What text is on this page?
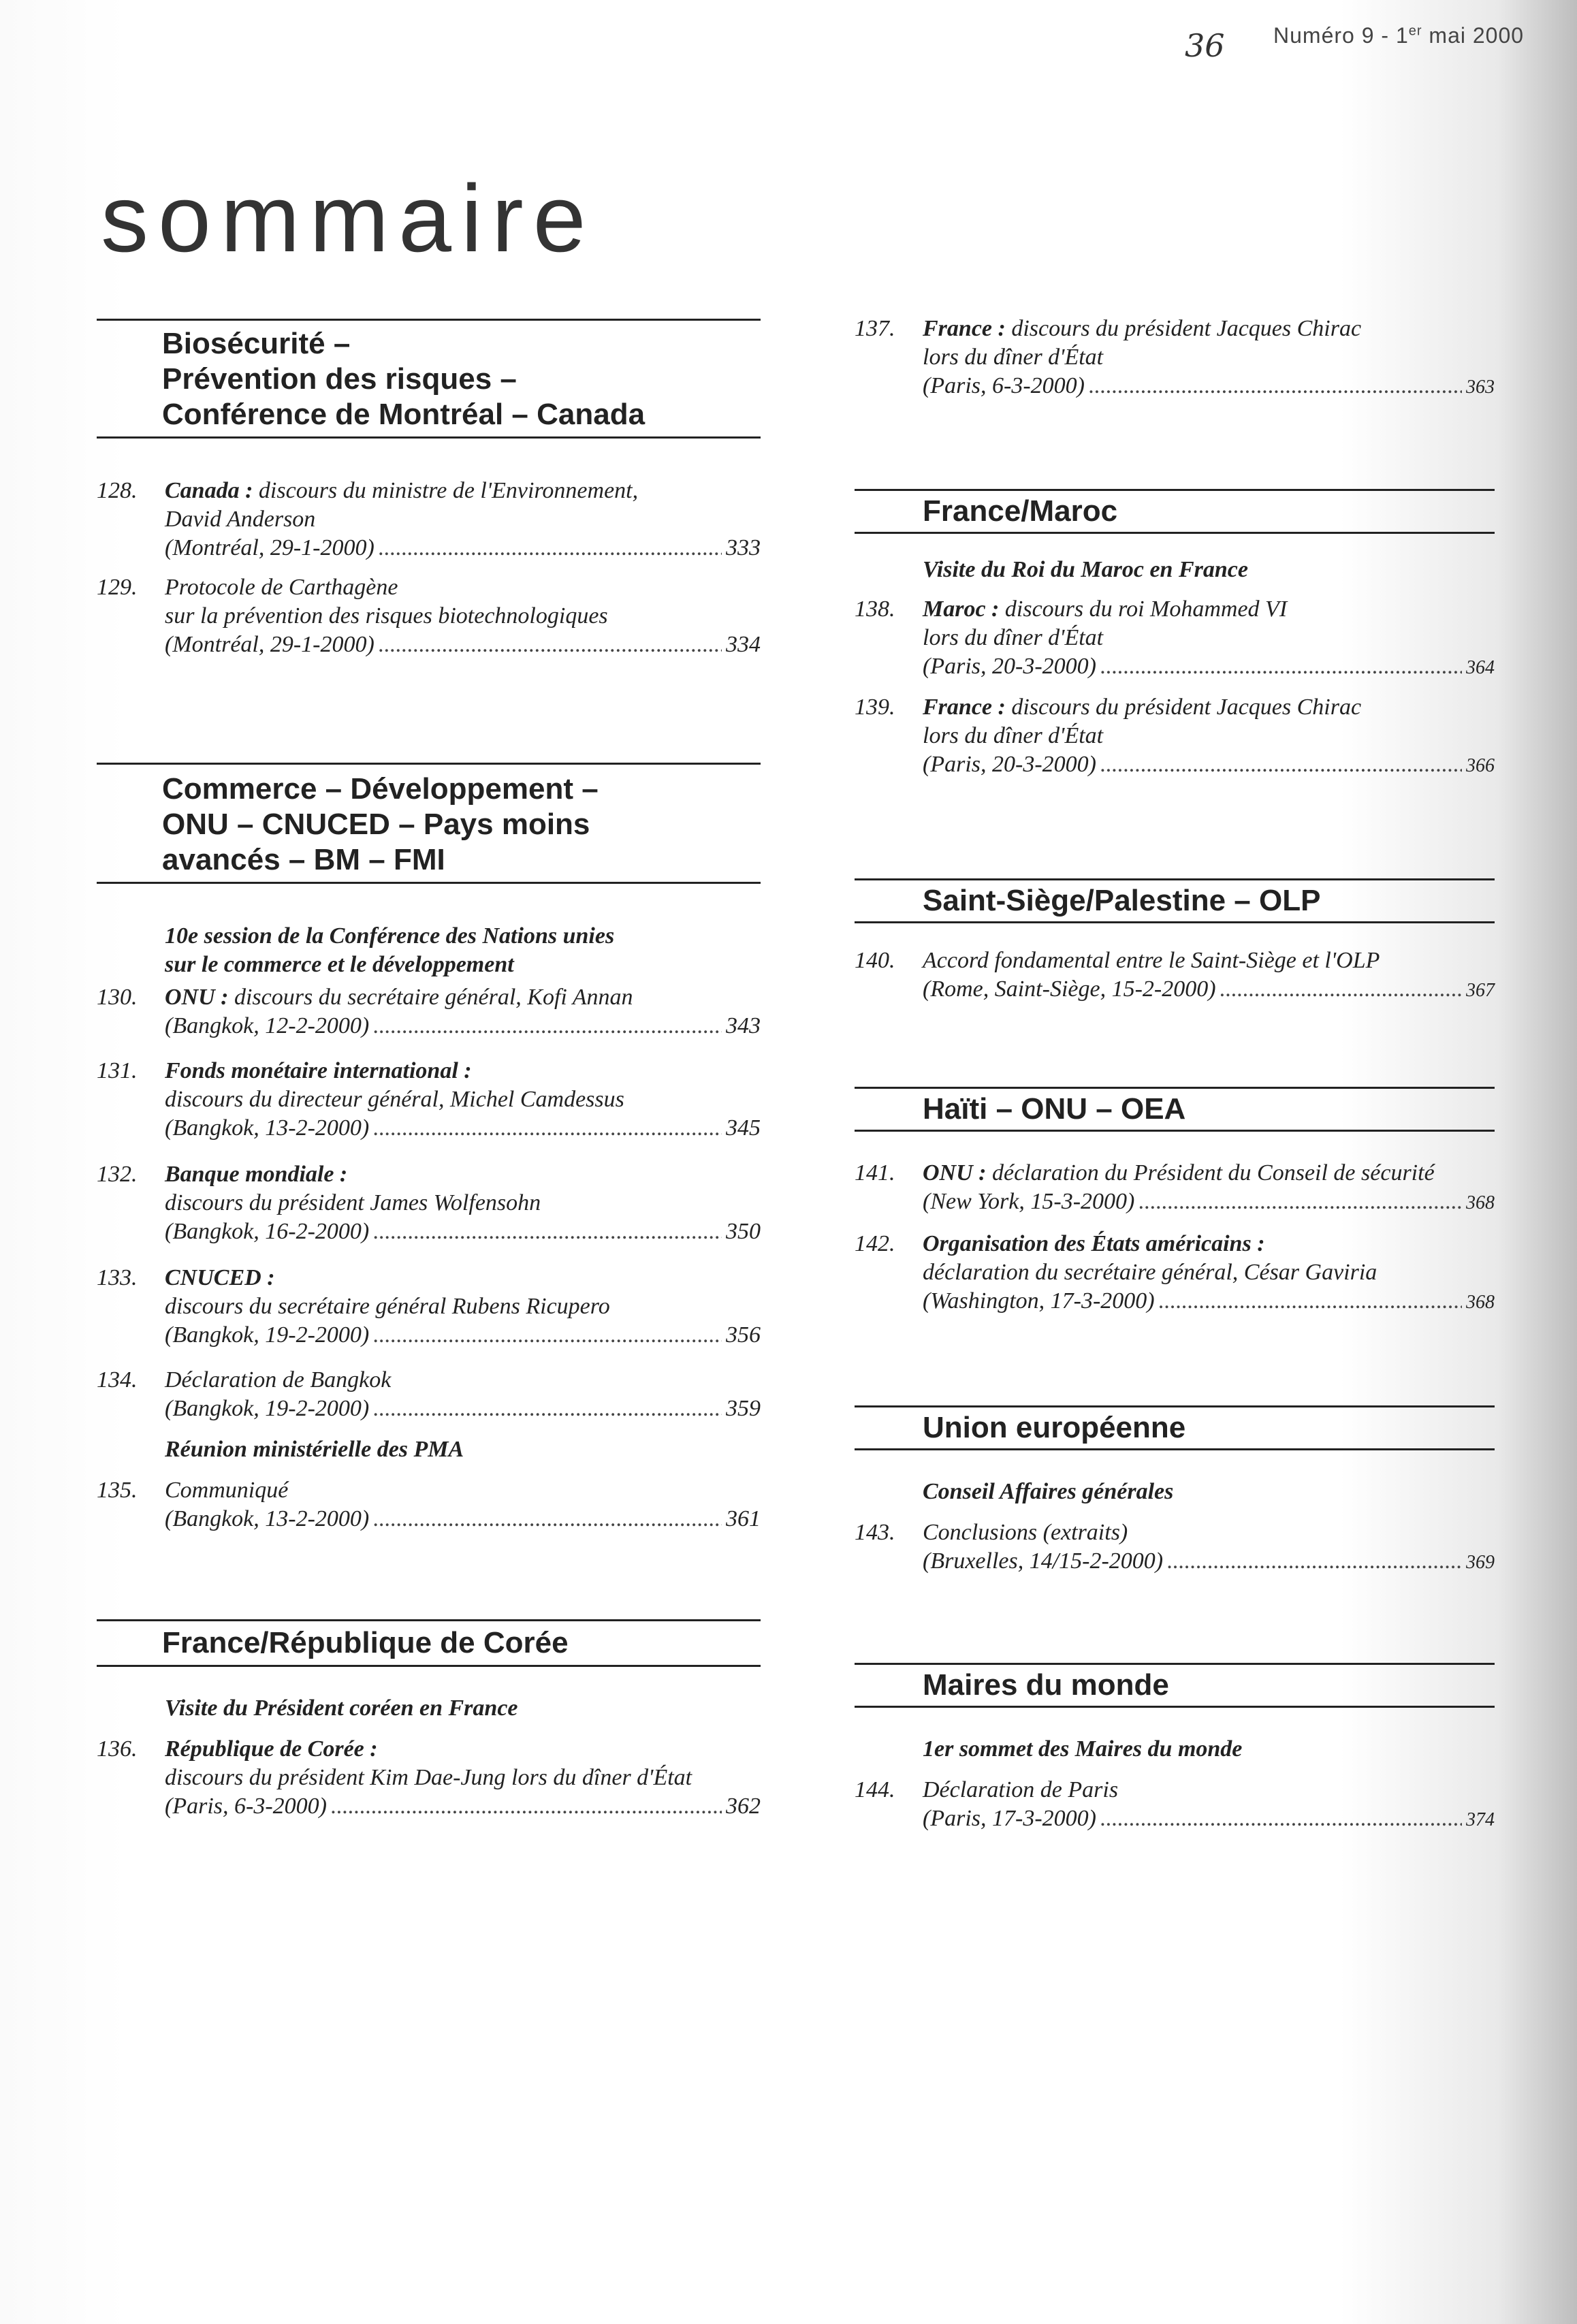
36 Numéro 9 - 1er mai 2000
sommaire
Biosécurité –
Prévention des risques –
Conférence de Montréal – Canada
128. Canada : discours du ministre de l'Environnement,
David Anderson
(Montréal, 29-1-2000) .....	333
129. Protocole de Carthagène
sur la prévention des risques biotechnologiques
(Montréal, 29-1-2000) .....	334
Commerce – Développement –
ONU – CNUCED – Pays moins
avancés – BM – FMI
10e session de la Conférence des Nations unies
sur le commerce et le développement
130. ONU : discours du secrétaire général, Kofi Annan
(Bangkok, 12-2-2000) .....	343
131. Fonds monétaire international :
discours du directeur général, Michel Camdessus
(Bangkok, 13-2-2000) .....	345
132. Banque mondiale :
discours du président James Wolfensohn
(Bangkok, 16-2-2000) .....	350
133. CNUCED :
discours du secrétaire général Rubens Ricupero
(Bangkok, 19-2-2000) .....	356
134. Déclaration de Bangkok
(Bangkok, 19-2-2000) .....	359
Réunion ministérielle des PMA
135. Communiqué
(Bangkok, 13-2-2000) .....	361
France/République de Corée
Visite du Président coréen en France
136. République de Corée :
discours du président Kim Dae-Jung lors du dîner d'État
(Paris, 6-3-2000) .....	362
137. France : discours du président Jacques Chirac
lors du dîner d'État
(Paris, 6-3-2000) .....	363
France/Maroc
Visite du Roi du Maroc en France
138. Maroc : discours du roi Mohammed VI
lors du dîner d'État
(Paris, 20-3-2000) .....	364
139. France : discours du président Jacques Chirac
lors du dîner d'État
(Paris, 20-3-2000) .....	366
Saint-Siège/Palestine – OLP
140. Accord fondamental entre le Saint-Siège et l'OLP
(Rome, Saint-Siège, 15-2-2000) .....	367
Haïti – ONU – OEA
141. ONU : déclaration du Président du Conseil de sécurité
(New York, 15-3-2000) .....	368
142. Organisation des États américains :
déclaration du secrétaire général, César Gaviria
(Washington, 17-3-2000) .....	368
Union européenne
Conseil Affaires générales
143. Conclusions (extraits)
(Bruxelles, 14/15-2-2000) .....	369
Maires du monde
1er sommet des Maires du monde
144. Déclaration de Paris
(Paris, 17-3-2000) .....	374
